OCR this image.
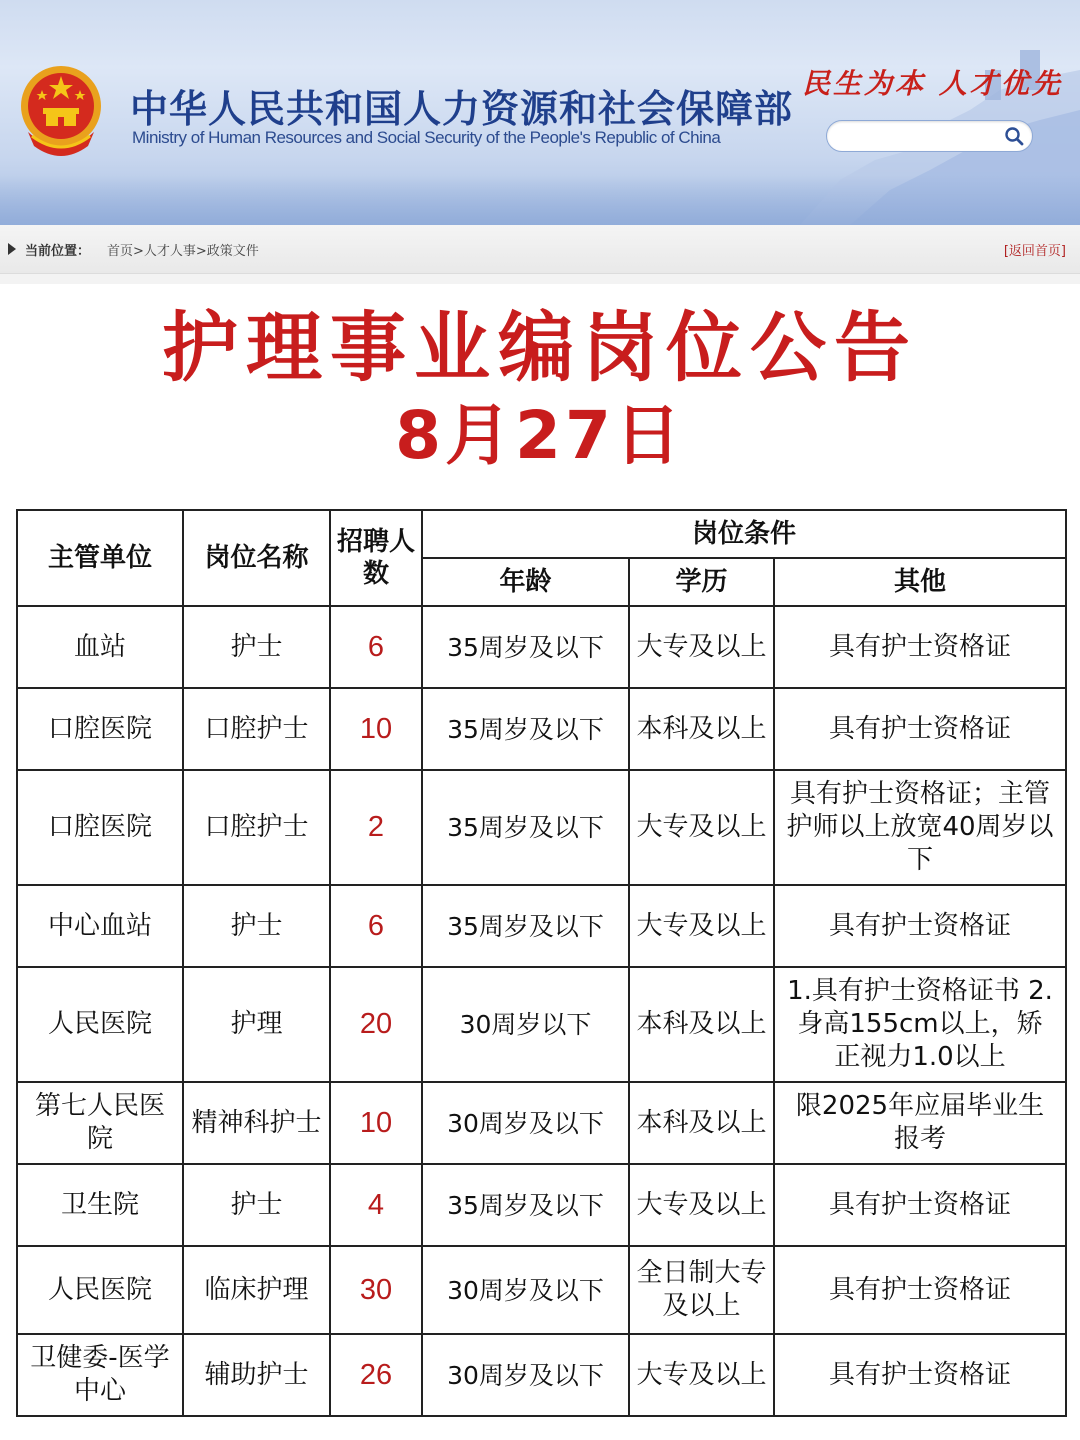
中华人民共和国人力资源和社会保障部
Ministry of Human Resources and Social Security of the People's Republic of China
民生为本 人才优先
当前位置： 首页>人才人事>政策文件	[返回首页]
护理事业编岗位公告
8月27日
主管单位	岗位名称	招聘人数	岗位条件		
			年龄	学历	其他
血站	护士	6	35周岁及以下	大专及以上	具有护士资格证
口腔医院	口腔护士	10	35周岁及以下	本科及以上	具有护士资格证
口腔医院	口腔护士	2	35周岁及以下	大专及以上	具有护士资格证；主管护师以上放宽40周岁以下
中心血站	护士	6	35周岁及以下	大专及以上	具有护士资格证
人民医院	护理	20	30周岁以下	本科及以上	1.具有护士资格证书 2.身高155cm以上，矫正视力1.0以上
第七人民医院	精神科护士	10	30周岁及以下	本科及以上	限2025年应届毕业生报考
卫生院	护士	4	35周岁及以下	大专及以上	具有护士资格证
人民医院	临床护理	30	30周岁及以下	全日制大专及以上	具有护士资格证
卫健委-医学中心	辅助护士	26	30周岁及以下	大专及以上	具有护士资格证
